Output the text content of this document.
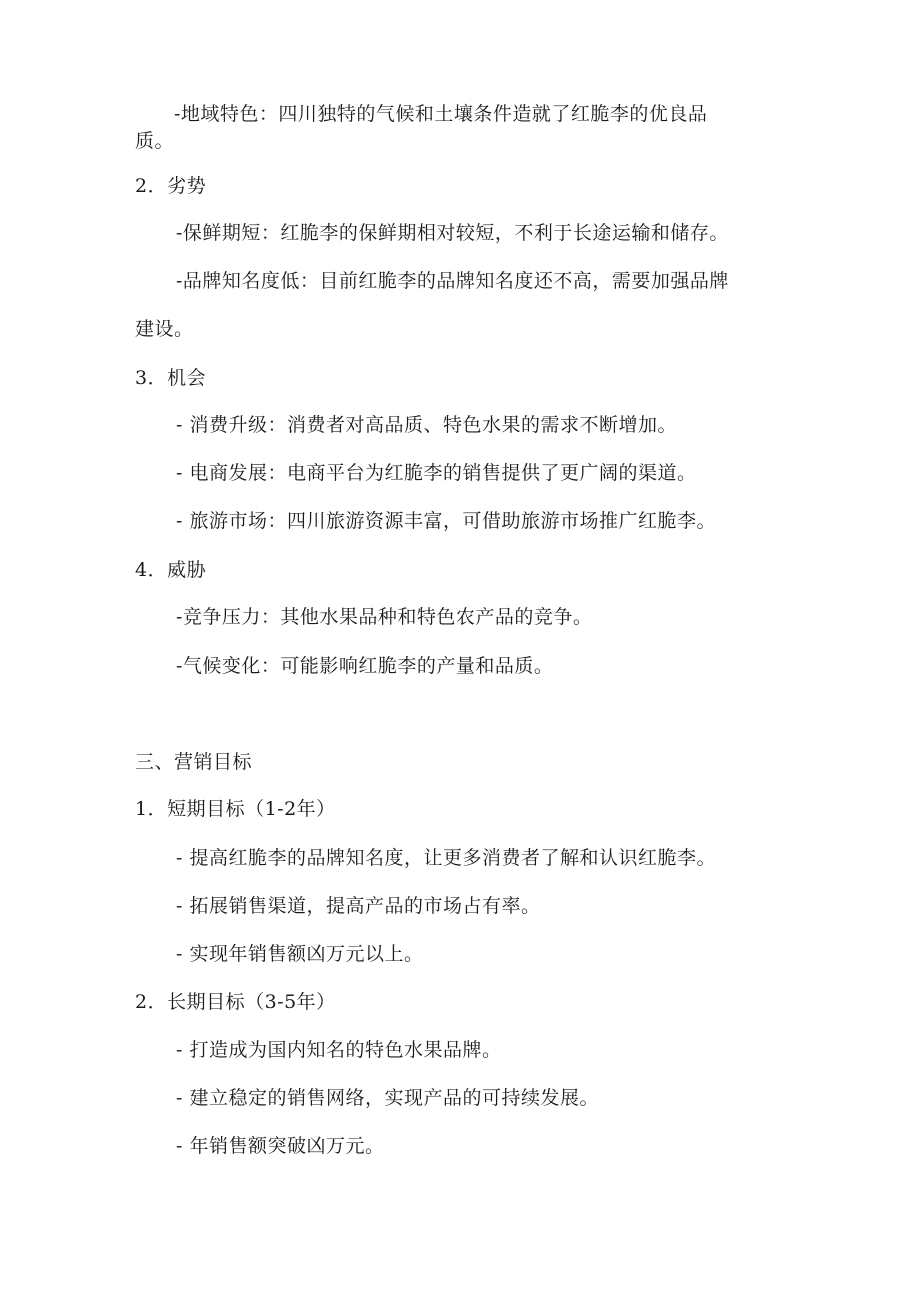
-地域特色：四川独特的气候和土壤条件造就了红脆李的优良品
质。
2．劣势
-保鲜期短：红脆李的保鲜期相对较短，不利于长途运输和储存。
-品牌知名度低：目前红脆李的品牌知名度还不高，需要加强品牌
建设。
3．机会
- 消费升级：消费者对高品质、特色水果的需求不断增加。
- 电商发展：电商平台为红脆李的销售提供了更广阔的渠道。
- 旅游市场：四川旅游资源丰富，可借助旅游市场推广红脆李。
4．威胁
-竞争压力：其他水果品种和特色农产品的竞争。
-气候变化：可能影响红脆李的产量和品质。
三、营销目标
1．短期目标（1-2年）
- 提高红脆李的品牌知名度，让更多消费者了解和认识红脆李。
- 拓展销售渠道，提高产品的市场占有率。
- 实现年销售额凶万元以上。
2．长期目标（3-5年）
- 打造成为国内知名的特色水果品牌。
- 建立稳定的销售网络，实现产品的可持续发展。
- 年销售额突破凶万元。
